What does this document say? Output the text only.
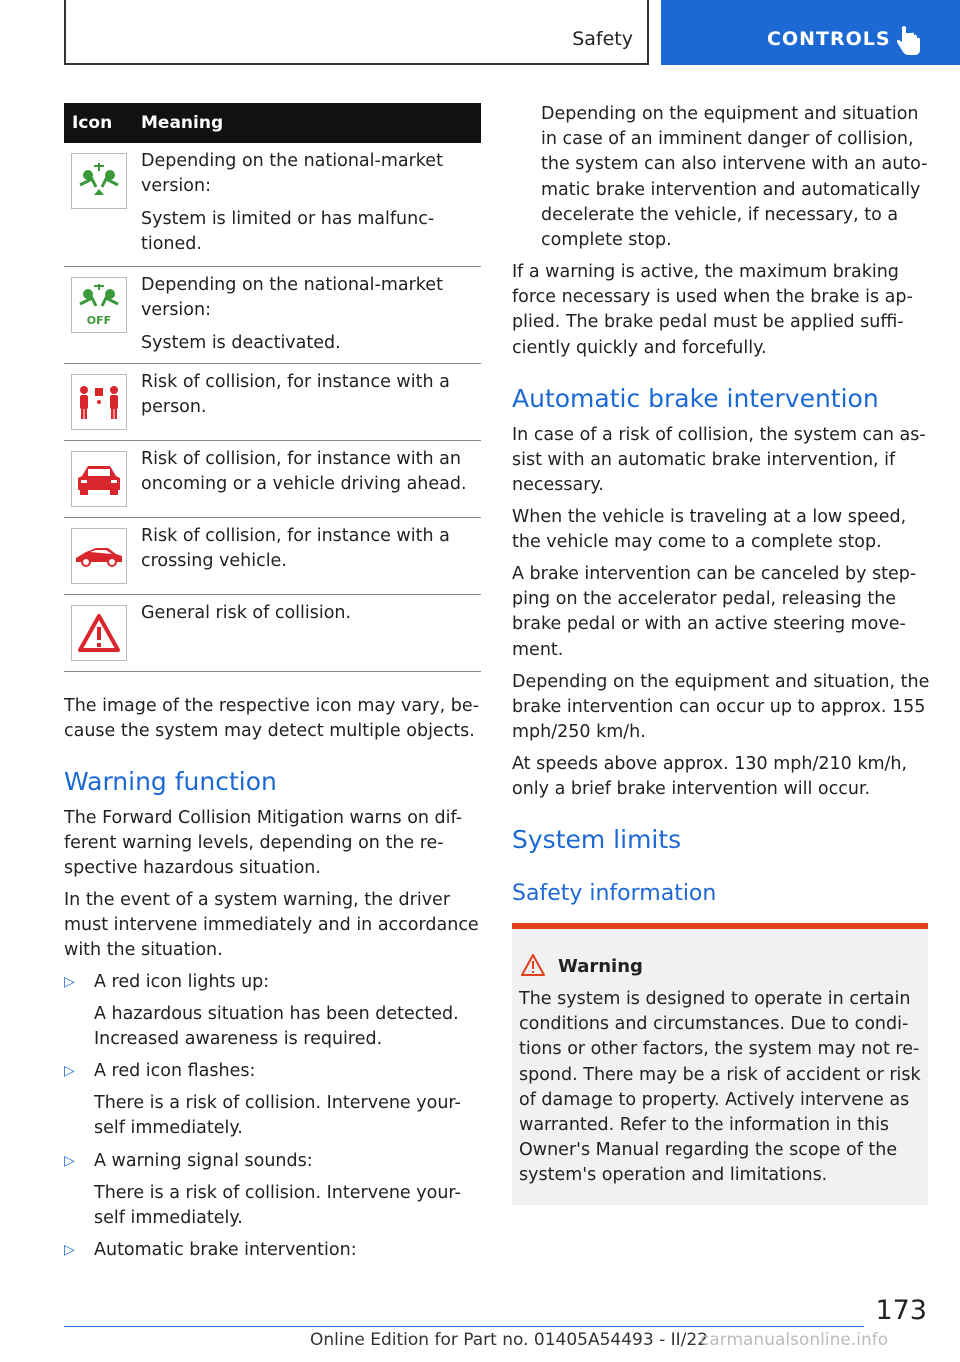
Safety	CONTROLS
Icon	Meaning

Depending on the national-market version:

System is limited or has malfunc-tioned.

OFF

Depending on the national-market version:

System is deactivated.

Risk of collision, for instance with a person.

Risk of collision, for instance with an oncoming or a vehicle driving ahead.

Risk of collision, for instance with a crossing vehicle.

General risk of collision.

The image of the respective icon may vary, be-cause the system may detect multiple objects.
Warning function
The Forward Collision Mitigation warns on dif-ferent warning levels, depending on the re-spective hazardous situation.
In the event of a system warning, the driver must intervene immediately and in accordance with the situation.
▷ A red icon lights up:
A hazardous situation has been detected. Increased awareness is required.
▷ A red icon flashes:
There is a risk of collision. Intervene your-self immediately.
▷ A warning signal sounds:
There is a risk of collision. Intervene your-self immediately.
▷ Automatic brake intervention:
Depending on the equipment and situation in case of an imminent danger of collision, the system can also intervene with an auto-matic brake intervention and automatically decelerate the vehicle, if necessary, to a complete stop.
If a warning is active, the maximum braking force necessary is used when the brake is ap-plied. The brake pedal must be applied suffi-ciently quickly and forcefully.
Automatic brake intervention
In case of a risk of collision, the system can as-sist with an automatic brake intervention, if necessary.
When the vehicle is traveling at a low speed, the vehicle may come to a complete stop.
A brake intervention can be canceled by step-ping on the accelerator pedal, releasing the brake pedal or with an active steering move-ment.
Depending on the equipment and situation, the brake intervention can occur up to approx. 155 mph/250 km/h.
At speeds above approx. 130 mph/210 km/h, only a brief brake intervention will occur.
System limits
Safety information
Warning
The system is designed to operate in certain conditions and circumstances. Due to condi-tions or other factors, the system may not re-spond. There may be a risk of accident or risk of damage to property. Actively intervene as warranted. Refer to the information in this Owner's Manual regarding the scope of the system's operation and limitations.
173
Online Edition for Part no. 01405A54493 - II/22
carmanualsonline.info
